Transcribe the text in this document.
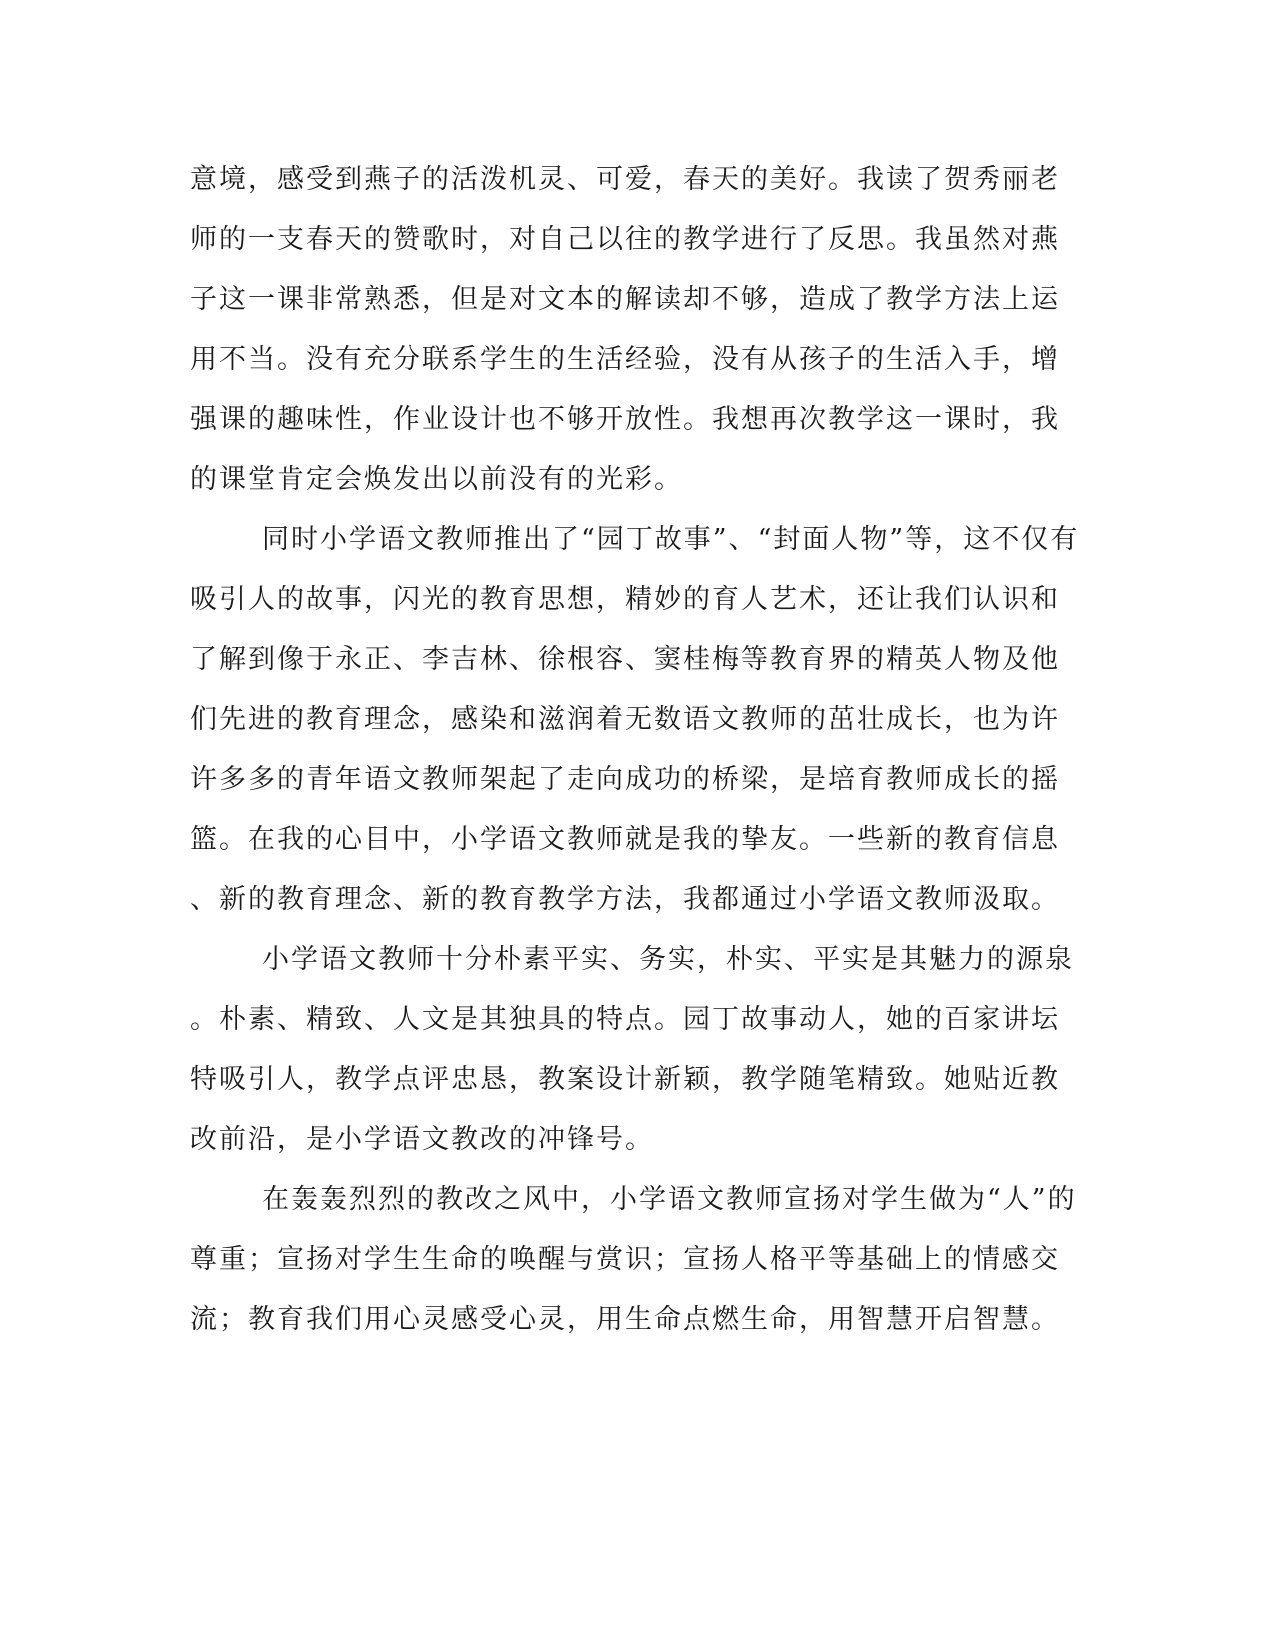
意境，感受到燕子的活泼机灵、可爱，春天的美好。我读了贺秀丽老
师的一支春天的赞歌时，对自己以往的教学进行了反思。我虽然对燕
子这一课非常熟悉，但是对文本的解读却不够，造成了教学方法上运
用不当。没有充分联系学生的生活经验，没有从孩子的生活入手，增
强课的趣味性，作业设计也不够开放性。我想再次教学这一课时，我
的课堂肯定会焕发出以前没有的光彩。
同时小学语文教师推出了“园丁故事”、“封面人物”等，这不仅有
吸引人的故事，闪光的教育思想，精妙的育人艺术，还让我们认识和
了解到像于永正、李吉林、徐根容、窦桂梅等教育界的精英人物及他
们先进的教育理念，感染和滋润着无数语文教师的茁壮成长，也为许
许多多的青年语文教师架起了走向成功的桥梁，是培育教师成长的摇
篮。在我的心目中，小学语文教师就是我的挚友。一些新的教育信息
、新的教育理念、新的教育教学方法，我都通过小学语文教师汲取。
小学语文教师十分朴素平实、务实，朴实、平实是其魅力的源泉
。朴素、精致、人文是其独具的特点。园丁故事动人，她的百家讲坛
特吸引人，教学点评忠恳，教案设计新颖，教学随笔精致。她贴近教
改前沿，是小学语文教改的冲锋号。
在轰轰烈烈的教改之风中，小学语文教师宣扬对学生做为“人”的
尊重；宣扬对学生生命的唤醒与赏识；宣扬人格平等基础上的情感交
流；教育我们用心灵感受心灵，用生命点燃生命，用智慧开启智慧。
